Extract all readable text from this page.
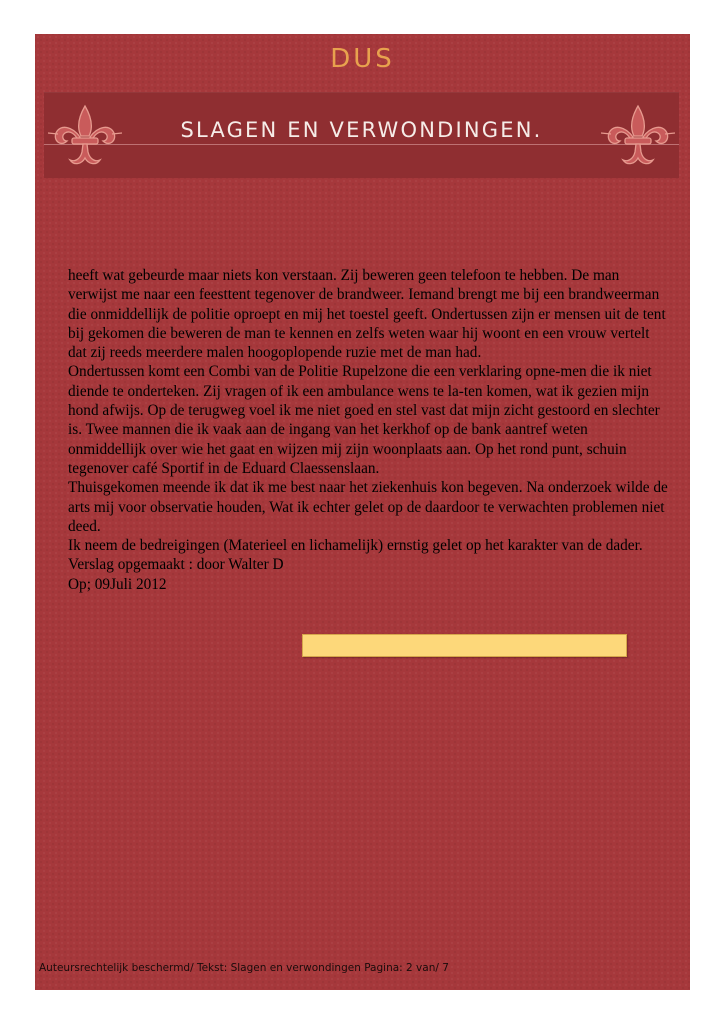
DUS
SLAGEN EN VERWONDINGEN.

heeft wat gebeurde maar niets kon verstaan. Zij beweren geen telefoon te hebben. De man verwijst me naar een feesttent tegenover de brandweer. Iemand brengt me bij een brandweerman die onmiddellijk de politie oproept en mij het toestel geeft. Ondertussen zijn er mensen uit de tent bij gekomen die beweren de man te kennen en zelfs weten waar hij woont en een vrouw vertelt dat zij reeds meerdere malen hoogoplopende ruzie met de man had.

Ondertussen komt een Combi van de Politie Rupelzone die een verklaring opne-men die ik niet diende te onderteken. Zij vragen of ik een ambulance wens te la-ten komen, wat ik gezien mijn hond afwijs. Op de terugweg voel ik me niet goed en stel vast dat mijn zicht gestoord en slechter is. Twee mannen die ik vaak aan de ingang van het kerkhof op de bank aantref weten onmiddellijk over wie het gaat en wijzen mij zijn woonplaats aan. Op het rond punt, schuin tegenover café Sportif in de Eduard Claessenslaan.

Thuisgekomen meende ik dat ik me best naar het ziekenhuis kon begeven. Na onderzoek wilde de arts mij voor observatie houden, Wat ik echter gelet op de daardoor te verwachten problemen niet deed.

Ik neem de bedreigingen (Materieel en lichamelijk) ernstig gelet op het karakter van de dader.

Verslag opgemaakt : door Walter D

Op; 09Juli 2012

Auteursrechtelijk beschermd/ Tekst: Slagen en verwondingen Pagina: 2 van/ 7
